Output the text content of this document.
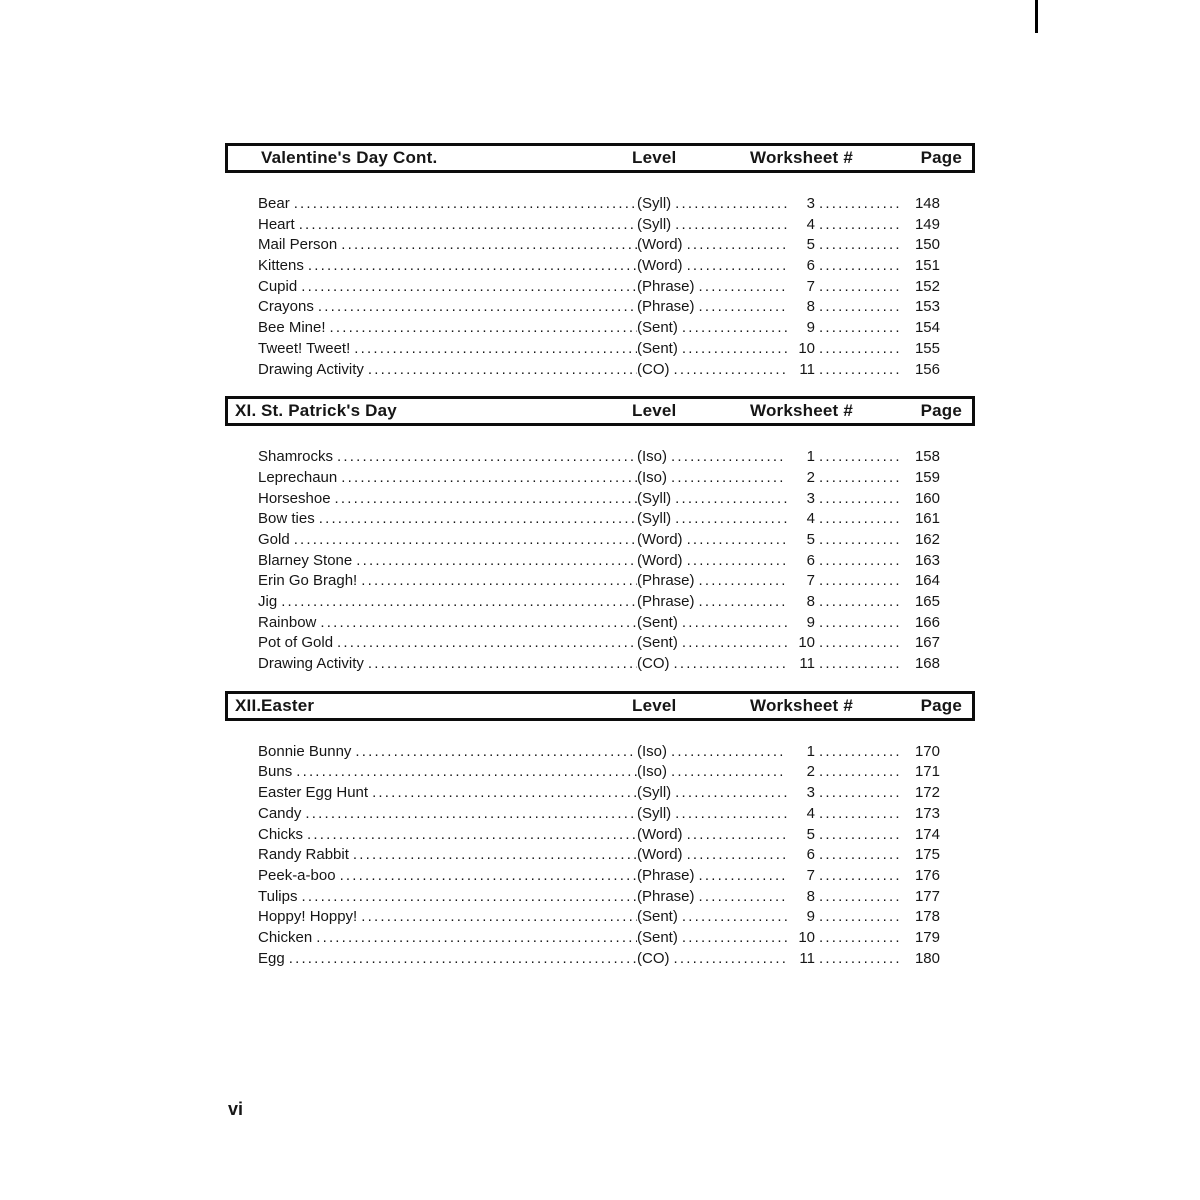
Valentine's Day Cont.	Level	Worksheet #	Page
Bear .....	(Syll) .....	3 .....	148
Heart .....	(Syll) .....	4 .....	149
Mail Person .....	(Word) .....	5 .....	150
Kittens .....	(Word) .....	6 .....	151
Cupid .....	(Phrase) .....	7 .....	152
Crayons .....	(Phrase) .....	8 .....	153
Bee Mine! .....	(Sent) .....	9 .....	154
Tweet! Tweet! .....	(Sent) .....	10 .....	155
Drawing Activity .....	(CO) .....	11 .....	156
XI. St. Patrick's Day	Level	Worksheet #	Page
Shamrocks .....	(Iso) .....	1 .....	158
Leprechaun .....	(Iso) .....	2 .....	159
Horseshoe .....	(Syll) .....	3 .....	160
Bow ties .....	(Syll) .....	4 .....	161
Gold .....	(Word) .....	5 .....	162
Blarney Stone .....	(Word) .....	6 .....	163
Erin Go Bragh! .....	(Phrase) .....	7 .....	164
Jig .....	(Phrase) .....	8 .....	165
Rainbow .....	(Sent) .....	9 .....	166
Pot of Gold .....	(Sent) .....	10 .....	167
Drawing Activity .....	(CO) .....	11 .....	168
XII. Easter	Level	Worksheet #	Page
Bonnie Bunny .....	(Iso) .....	1 .....	170
Buns .....	(Iso) .....	2 .....	171
Easter Egg Hunt .....	(Syll) .....	3 .....	172
Candy .....	(Syll) .....	4 .....	173
Chicks .....	(Word) .....	5 .....	174
Randy Rabbit .....	(Word) .....	6 .....	175
Peek-a-boo .....	(Phrase) .....	7 .....	176
Tulips .....	(Phrase) .....	8 .....	177
Hoppy! Hoppy! .....	(Sent) .....	9 .....	178
Chicken .....	(Sent) .....	10 .....	179
Egg .....	(CO) .....	11 .....	180
vi
